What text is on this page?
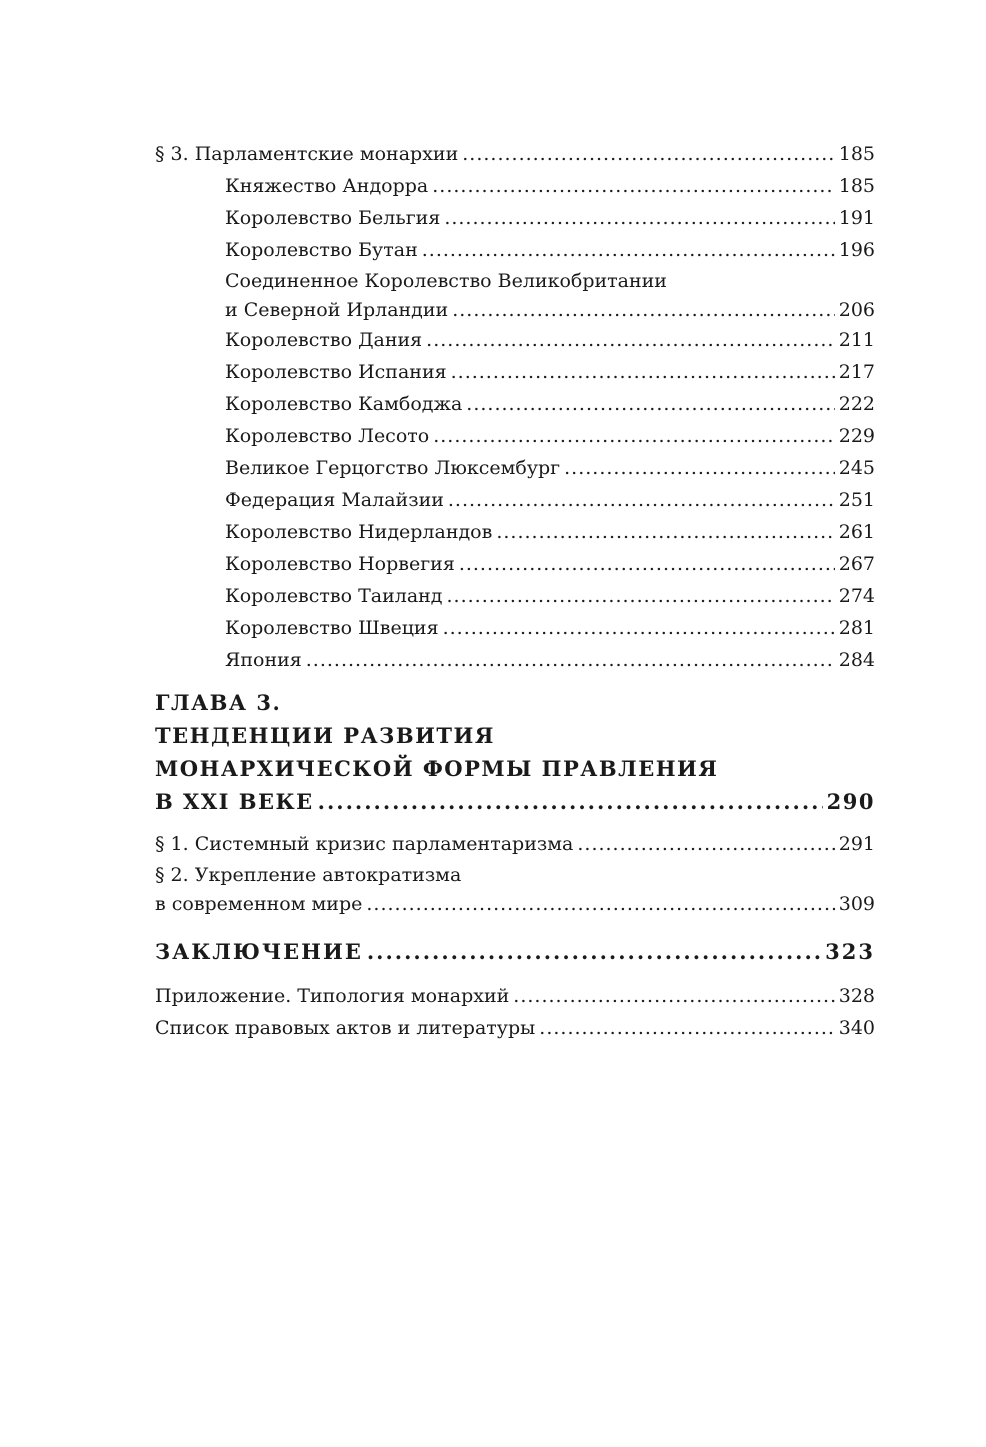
§ 3. Парламентские монархии .....	185
Княжество Андорра .....	185
Королевство Бельгия .....	191
Королевство Бутан .....	196
Соединенное Королевство Великобритании
и Северной Ирландии .....	206
Королевство Дания .....	211
Королевство Испания .....	217
Королевство Камбоджа .....	222
Королевство Лесото .....	229
Великое Герцогство Люксембург .....	245
Федерация Малайзии .....	251
Королевство Нидерландов .....	261
Королевство Норвегия .....	267
Королевство Таиланд .....	274
Королевство Швеция .....	281
Япония .....	284
ГЛАВА 3.
ТЕНДЕНЦИИ РАЗВИТИЯ
МОНАРХИЧЕСКОЙ ФОРМЫ ПРАВЛЕНИЯ
В XXI ВЕКЕ .....	290
§ 1. Системный кризис парламентаризма .....	291
§ 2. Укрепление автократизма
в современном мире .....	309
ЗАКЛЮЧЕНИЕ .....	323
Приложение. Типология монархий .....	328
Список правовых актов и литературы .....	340
